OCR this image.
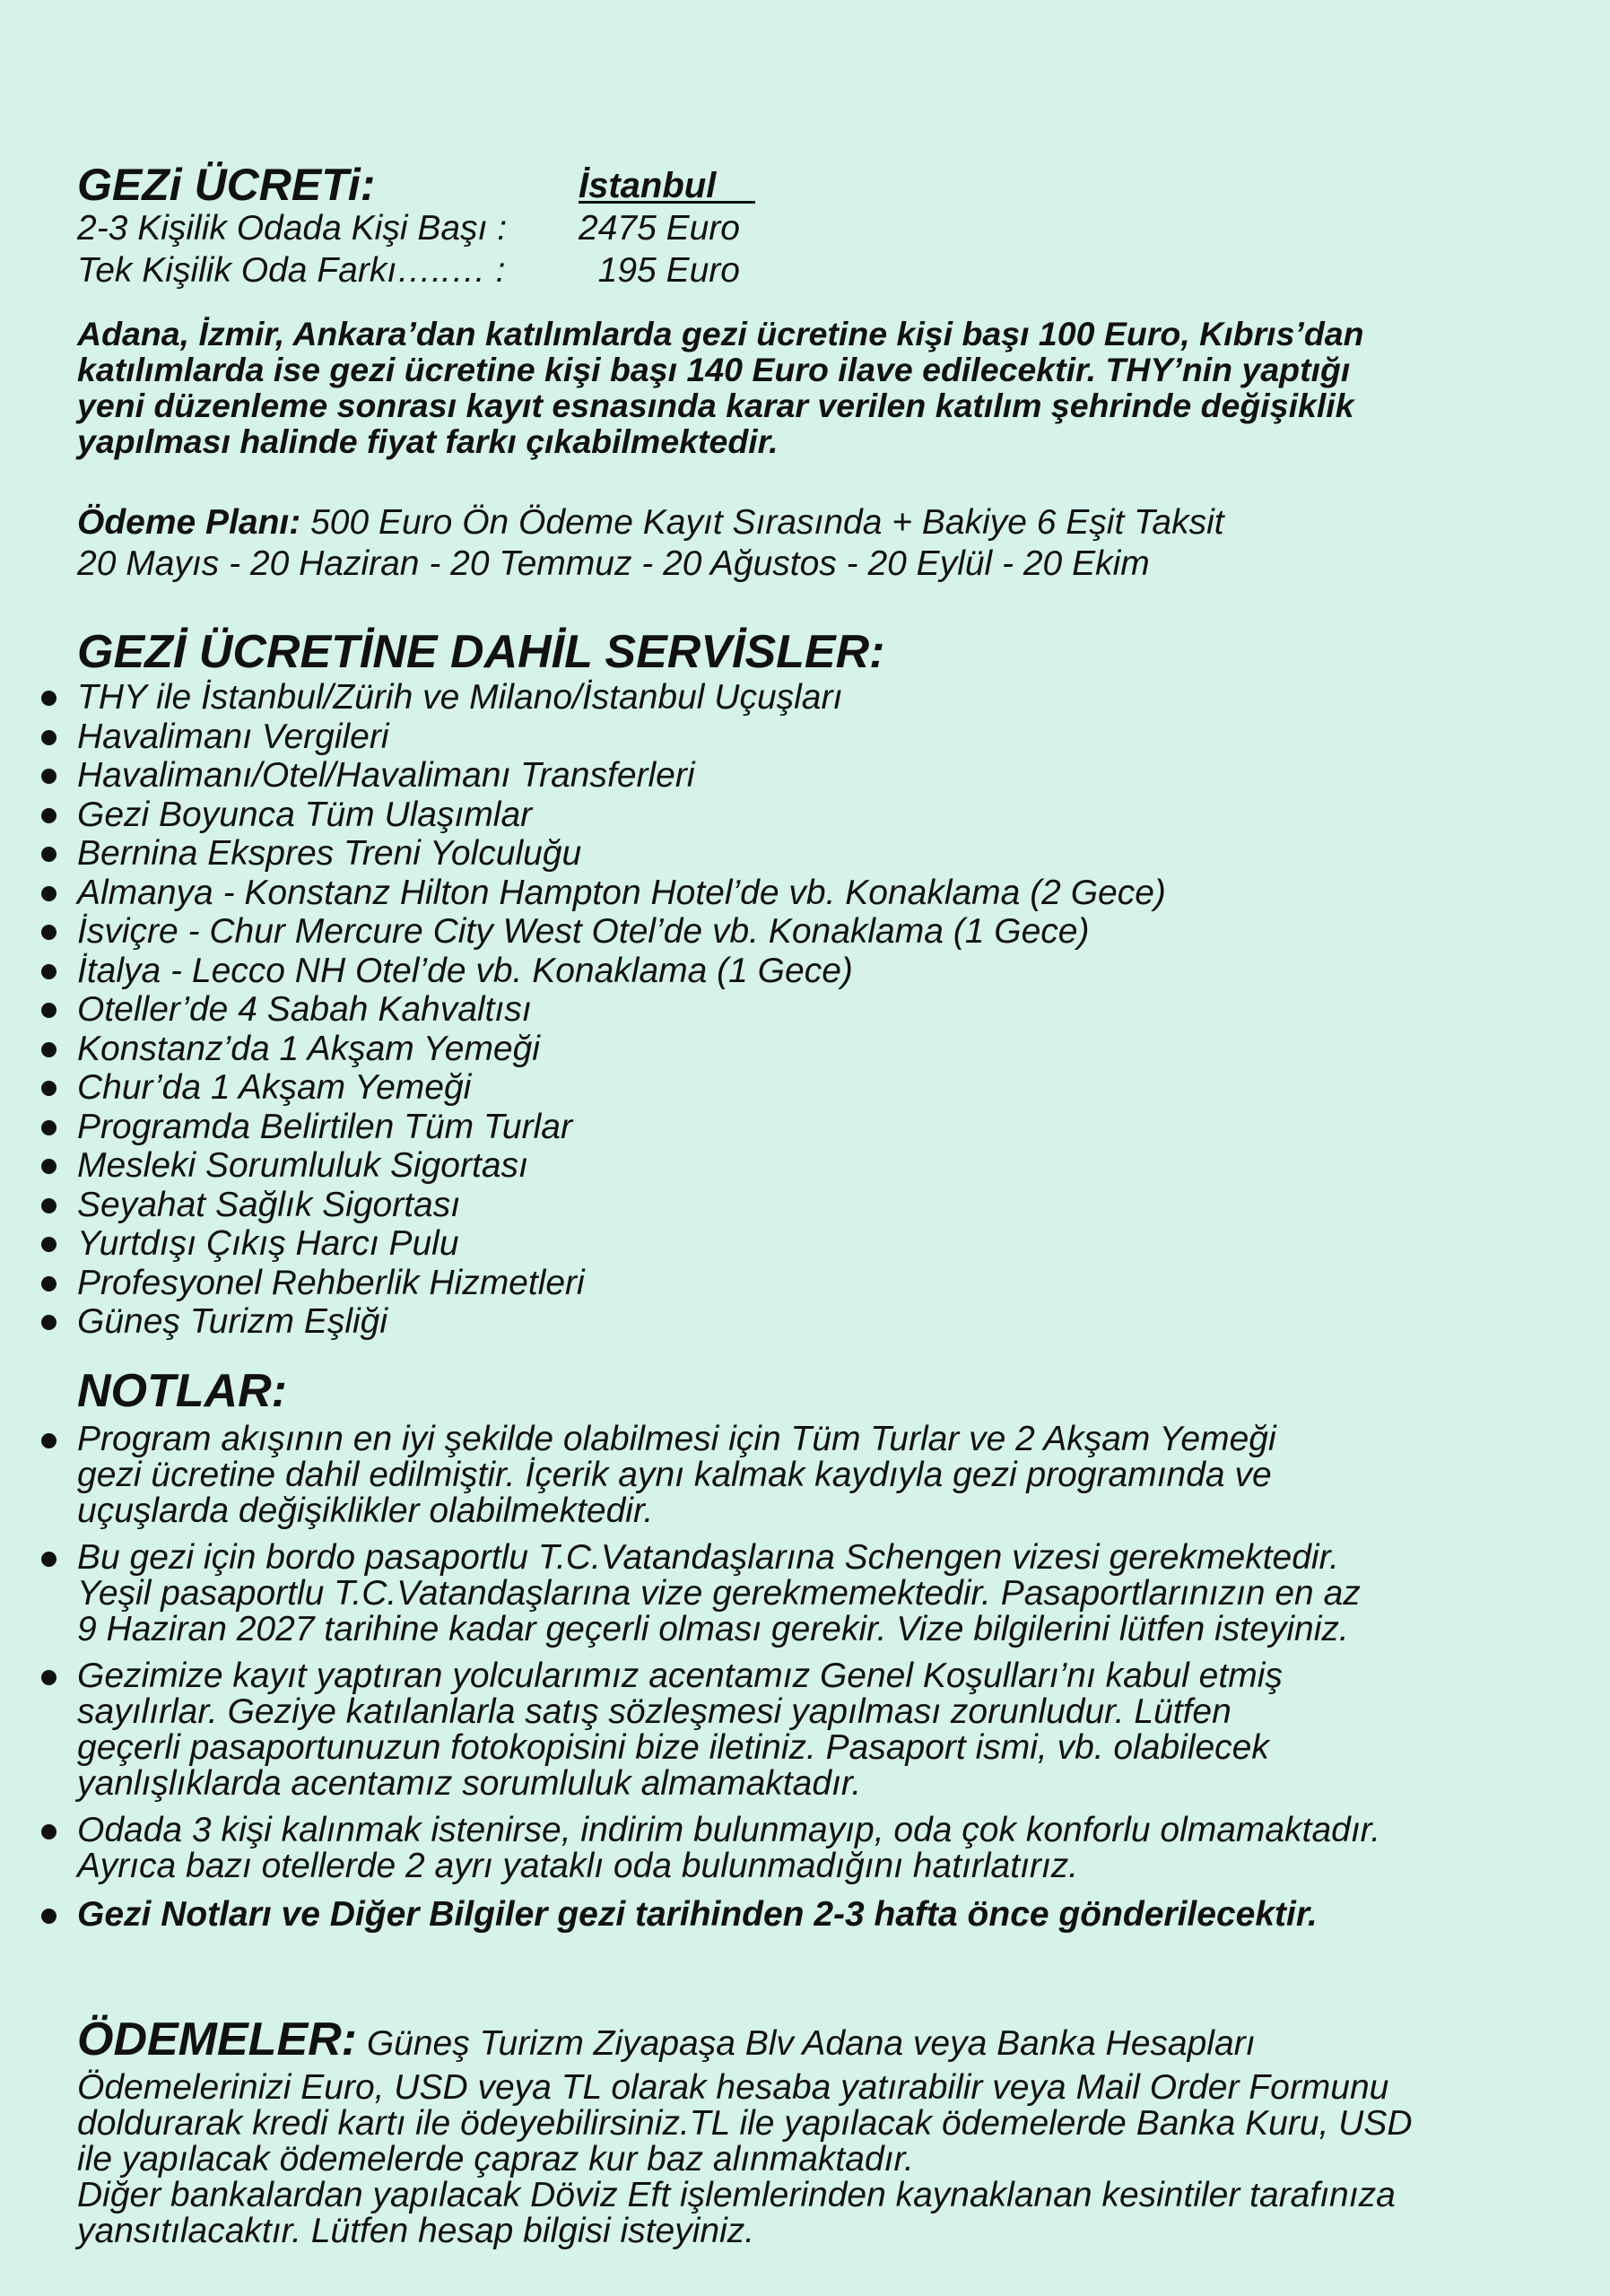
GEZi ÜCRETi:	İstanbul
2-3 Kişilik Odada Kişi Başı : 2475 Euro
Tek Kişilik Oda Farkı…..… : 195 Euro
Adana, İzmir, Ankara’dan katılımlarda gezi ücretine kişi başı 100 Euro, Kıbrıs’dan
katılımlarda ise gezi ücretine kişi başı 140 Euro ilave edilecektir. THY’nin yaptığı
yeni düzenleme sonrası kayıt esnasında karar verilen katılım şehrinde değişiklik
yapılması halinde fiyat farkı çıkabilmektedir.
Ödeme Planı: 500 Euro Ön Ödeme Kayıt Sırasında + Bakiye 6 Eşit Taksit
20 Mayıs - 20 Haziran - 20 Temmuz - 20 Ağustos - 20 Eylül - 20 Ekim
GEZİ ÜCRETİNE DAHİL SERVİSLER:
THY ile İstanbul/Zürih ve Milano/İstanbul Uçuşları
Havalimanı Vergileri
Havalimanı/Otel/Havalimanı Transferleri
Gezi Boyunca Tüm Ulaşımlar
Bernina Ekspres Treni Yolculuğu
Almanya - Konstanz Hilton Hampton Hotel’de vb. Konaklama (2 Gece)
İsviçre - Chur Mercure City West Otel’de vb. Konaklama (1 Gece)
İtalya - Lecco NH Otel’de vb. Konaklama (1 Gece)
Oteller’de 4 Sabah Kahvaltısı
Konstanz’da 1 Akşam Yemeği
Chur’da 1 Akşam Yemeği
Programda Belirtilen Tüm Turlar
Mesleki Sorumluluk Sigortası
Seyahat Sağlık Sigortası
Yurtdışı Çıkış Harcı Pulu
Profesyonel Rehberlik Hizmetleri
Güneş Turizm Eşliği
NOTLAR:
Program akışının en iyi şekilde olabilmesi için Tüm Turlar ve 2 Akşam Yemeği
gezi ücretine dahil edilmiştir. İçerik aynı kalmak kaydıyla gezi programında ve
uçuşlarda değişiklikler olabilmektedir.
Bu gezi için bordo pasaportlu T.C.Vatandaşlarına Schengen vizesi gerekmektedir.
Yeşil pasaportlu T.C.Vatandaşlarına vize gerekmemektedir. Pasaportlarınızın en az
9 Haziran 2027 tarihine kadar geçerli olması gerekir. Vize bilgilerini lütfen isteyiniz.
Gezimize kayıt yaptıran yolcularımız acentamız Genel Koşulları’nı kabul etmiş
sayılırlar. Geziye katılanlarla satış sözleşmesi yapılması zorunludur. Lütfen
geçerli pasaportunuzun fotokopisini bize iletiniz. Pasaport ismi, vb. olabilecek
yanlışlıklarda acentamız sorumluluk almamaktadır.
Odada 3 kişi kalınmak istenirse, indirim bulunmayıp, oda çok konforlu olmamaktadır.
Ayrıca bazı otellerde 2 ayrı yataklı oda bulunmadığını hatırlatırız.
Gezi Notları ve Diğer Bilgiler gezi tarihinden 2-3 hafta önce gönderilecektir.
ÖDEMELER: Güneş Turizm Ziyapaşa Blv Adana veya Banka Hesapları
Ödemelerinizi Euro, USD veya TL olarak hesaba yatırabilir veya Mail Order Formunu
doldurarak kredi kartı ile ödeyebilirsiniz.TL ile yapılacak ödemelerde Banka Kuru, USD
ile yapılacak ödemelerde çapraz kur baz alınmaktadır.
Diğer bankalardan yapılacak Döviz Eft işlemlerinden kaynaklanan kesintiler tarafınıza
yansıtılacaktır. Lütfen hesap bilgisi isteyiniz.
